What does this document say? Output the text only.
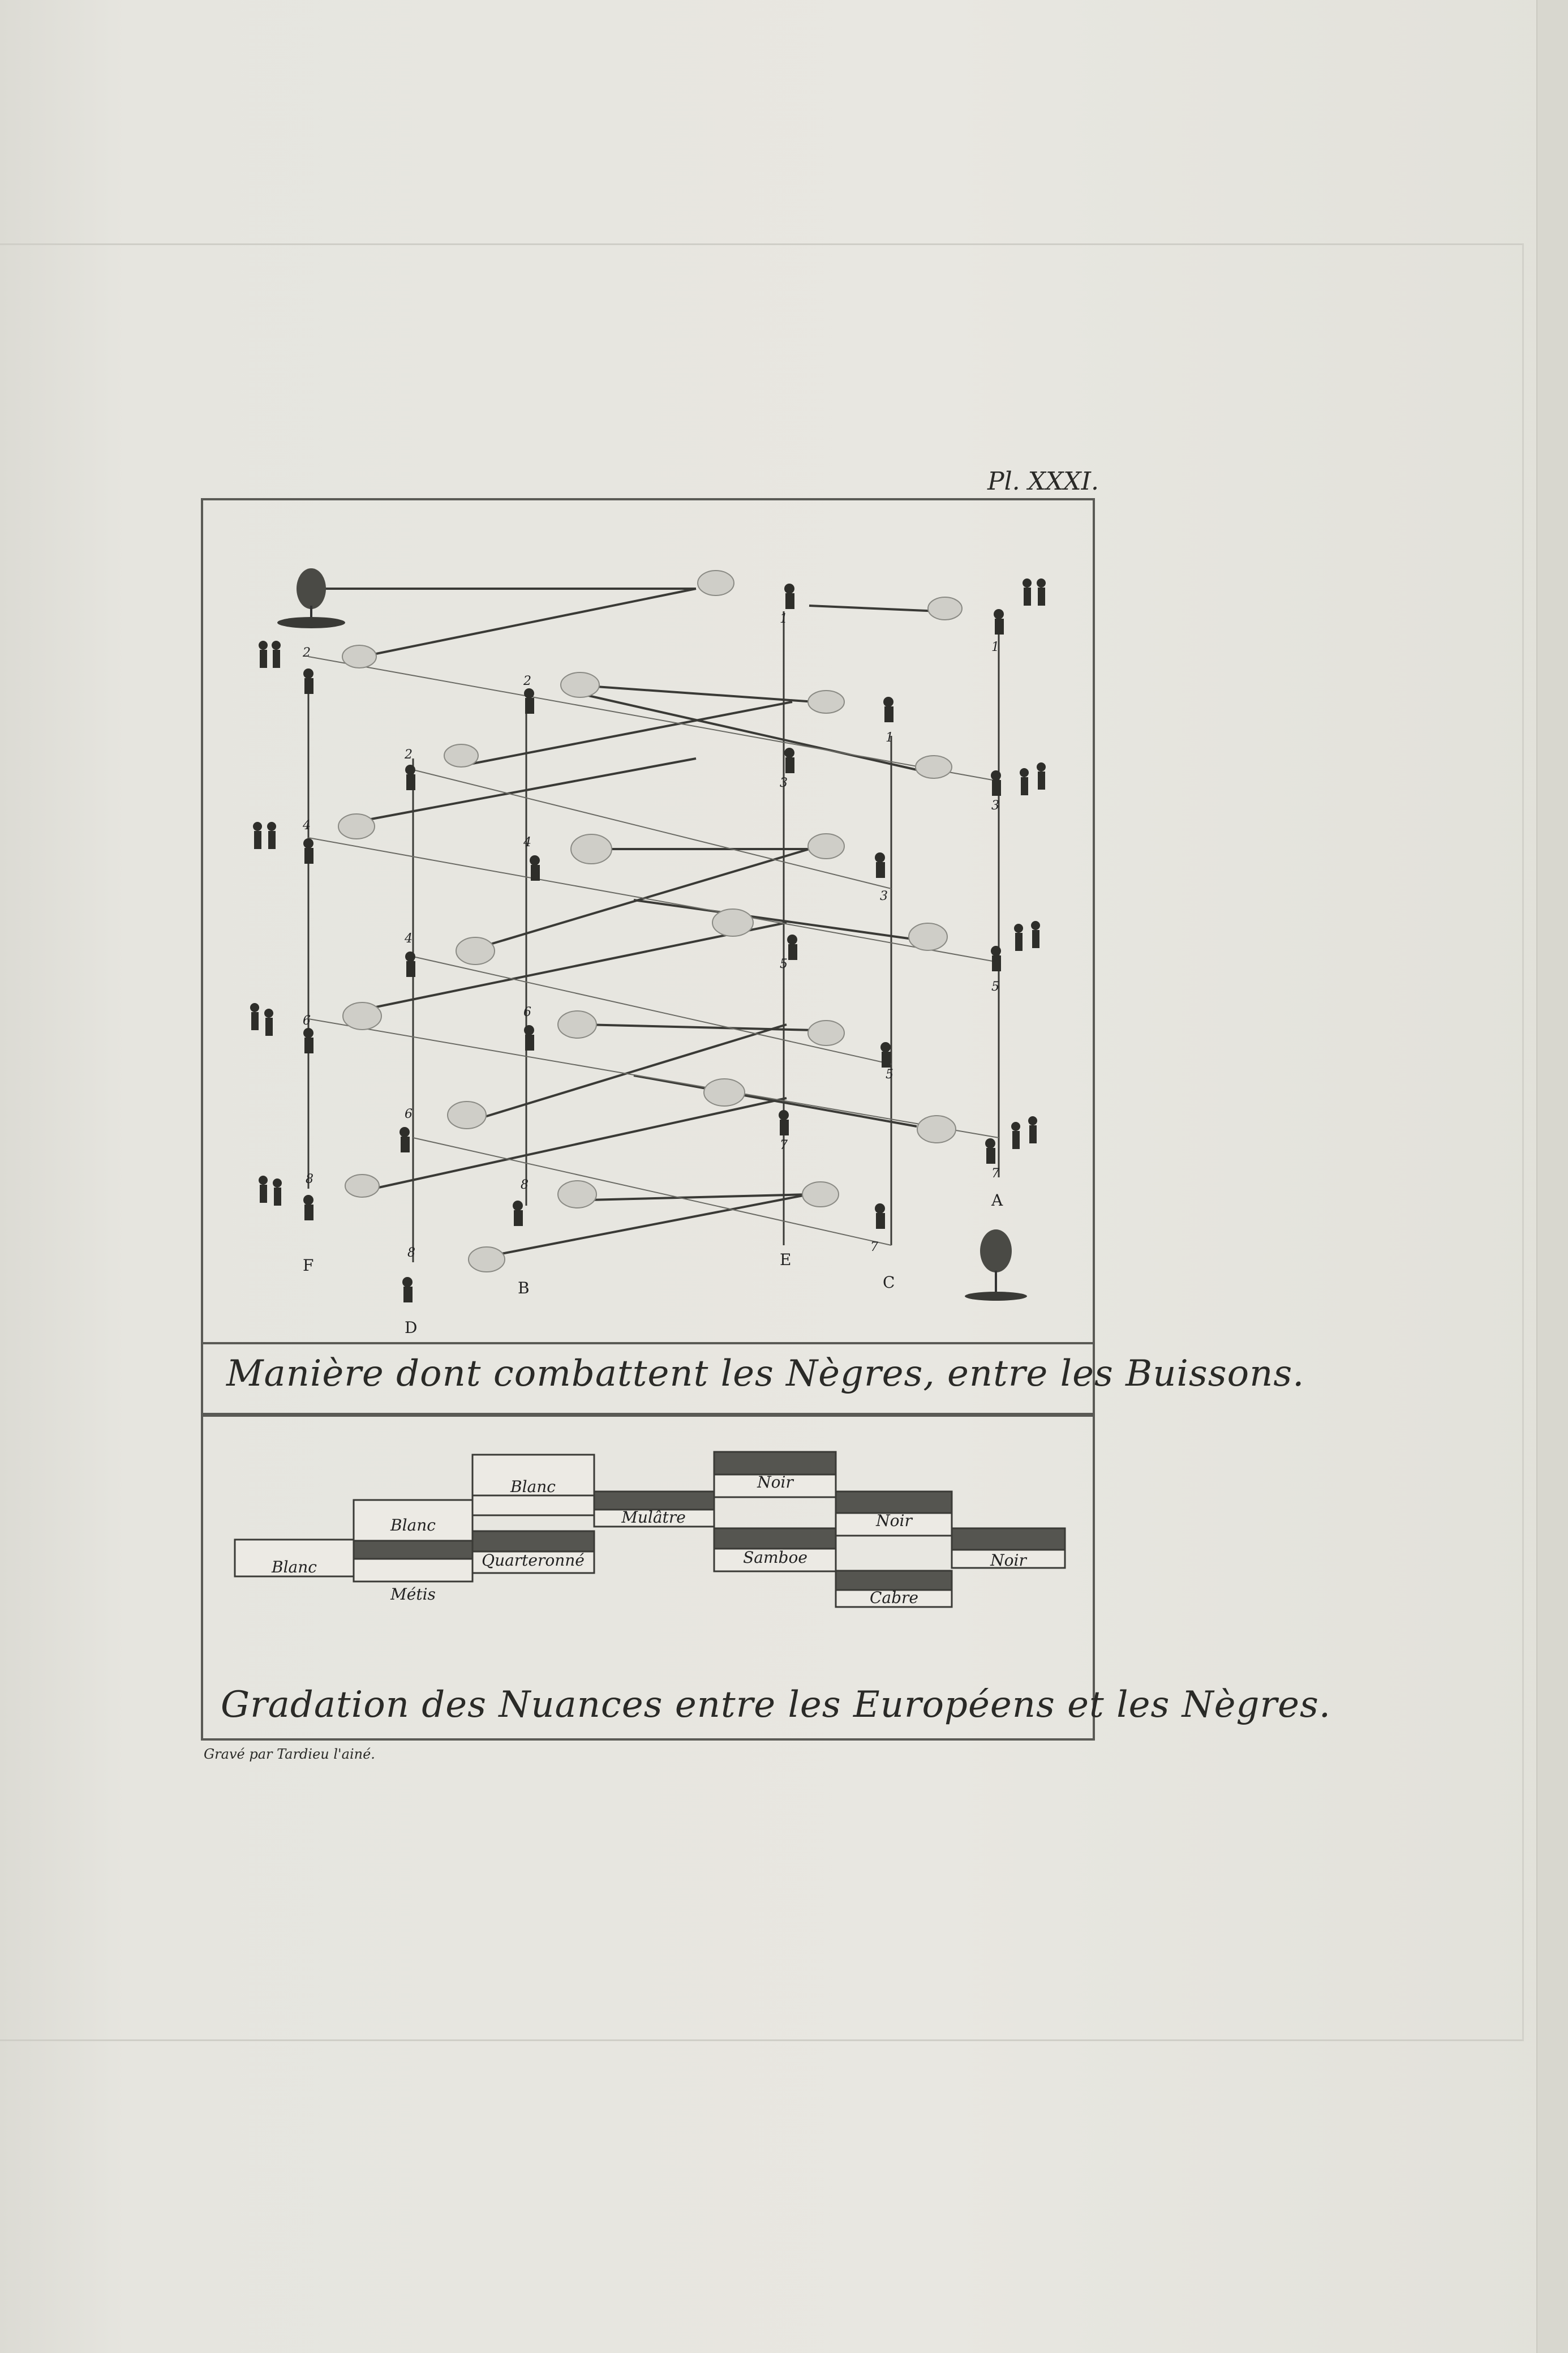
Pl. XXXI.
F
D
B
E
C
A
1
1
1
2
2
2
3
3
3
4
4
4
5
5
5
6
6
6
7
7
7
8	8
8
Blanc
Blanc
Métis
Blanc
Quarteronné
Mulâtre
Noir
Samboe
Noir
Cabre
Noir
Manière dont combattent les Nègres, entre les Buissons.
Gradation des Nuances entre les Européens et les Nègres.
Gravé par Tardieu l'ainé.
